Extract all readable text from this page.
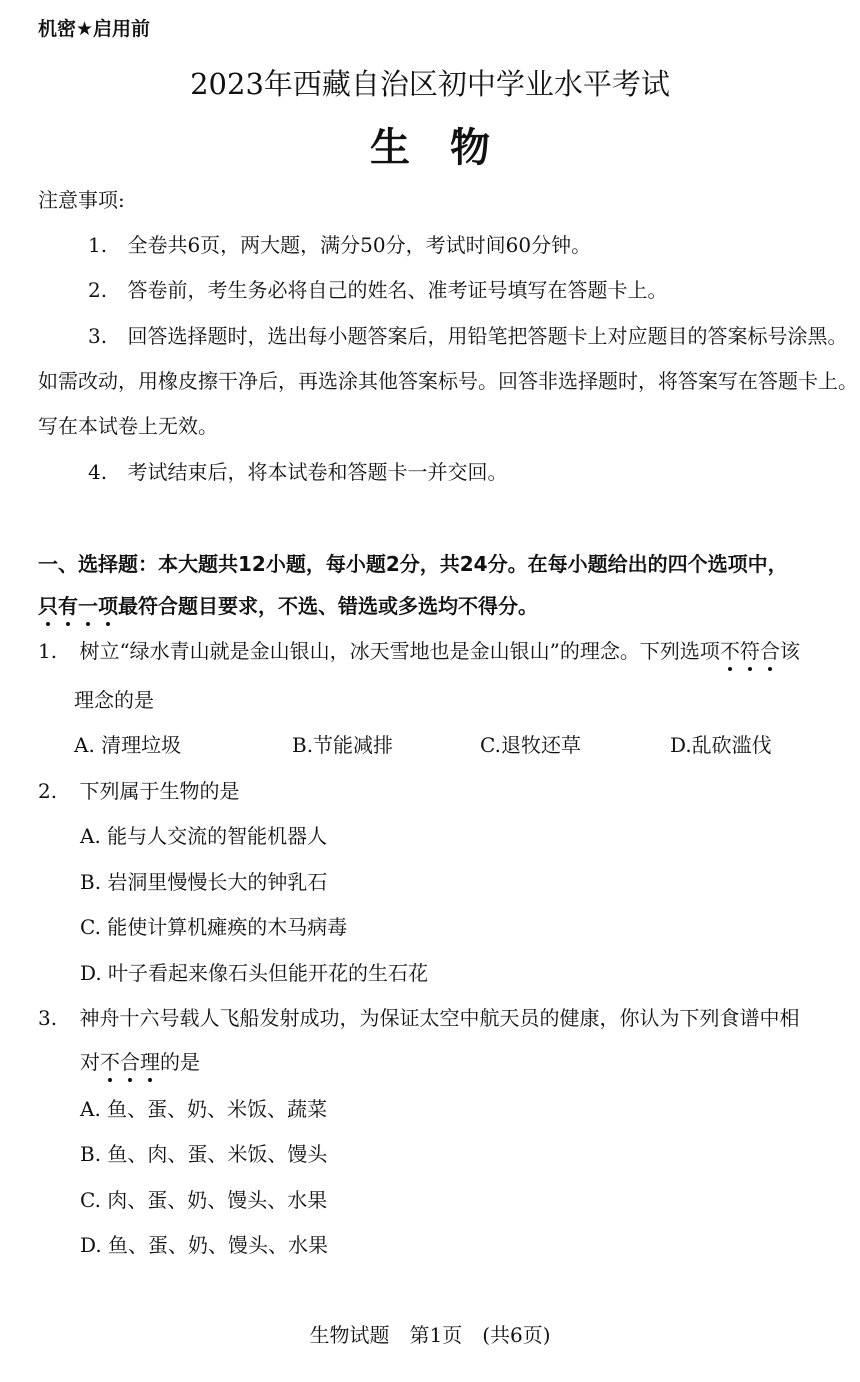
机密★启用前
2023年西藏自治区初中学业水平考试
生物
注意事项:
1. 全卷共6页，两大题，满分50分，考试时间60分钟。
2. 答卷前，考生务必将自己的姓名、准考证号填写在答题卡上。
3. 回答选择题时，选出每小题答案后，用铅笔把答题卡上对应题目的答案标号涂黑。
如需改动，用橡皮擦干净后，再选涂其他答案标号。回答非选择题时，将答案写在答题卡上。
写在本试卷上无效。
4. 考试结束后，将本试卷和答题卡一并交回。
一、选择题：本大题共12小题，每小题2分，共24分。在每小题给出的四个选项中，
只有一项最符合题目要求，不选、错选或多选均不得分。
1. 树立“绿水青山就是金山银山，冰天雪地也是金山银山”的理念。下列选项不符合该
理念的是
A. 清理垃圾	B.节能减排	C.退牧还草	D.乱砍滥伐
2. 下列属于生物的是
A. 能与人交流的智能机器人
B. 岩洞里慢慢长大的钟乳石
C. 能使计算机瘫痪的木马病毒
D. 叶子看起来像石头但能开花的生石花
3. 神舟十六号载人飞船发射成功，为保证太空中航天员的健康，你认为下列食谱中相
对不合理的是
A. 鱼、蛋、奶、米饭、蔬菜
B. 鱼、肉、蛋、米饭、馒头
C. 肉、蛋、奶、馒头、水果
D. 鱼、蛋、奶、馒头、水果
生物试题　第1页　(共6页)
